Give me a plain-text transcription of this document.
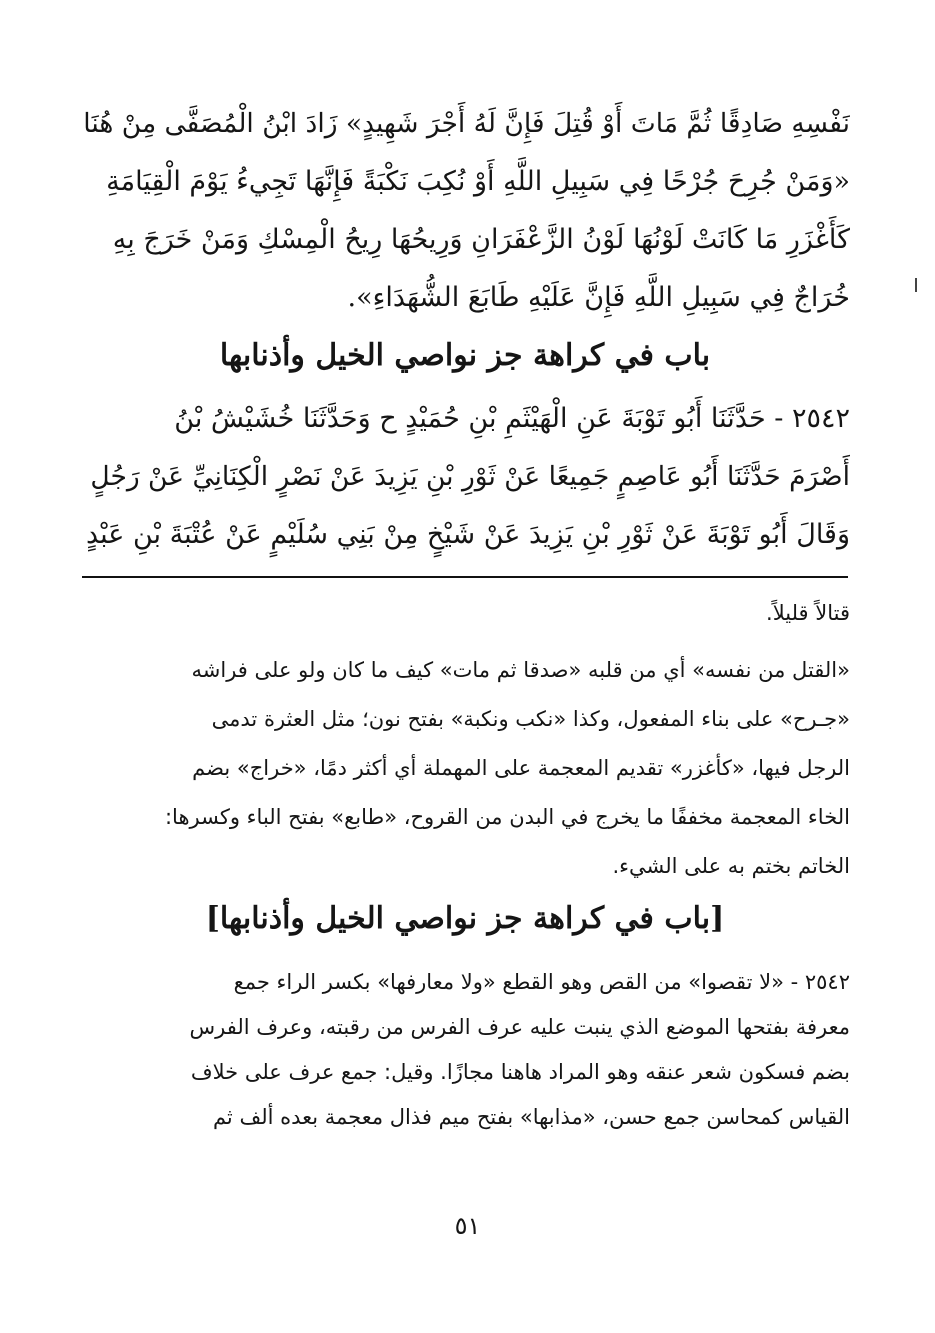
نَفْسِهِ صَادِقًا ثُمَّ مَاتَ أَوْ قُتِلَ فَإِنَّ لَهُ أَجْرَ شَهِيدٍ» زَادَ ابْنُ الْمُصَفَّى مِنْ هُنَا
«وَمَنْ جُرِحَ جُرْحًا فِي سَبِيلِ اللَّهِ أَوْ نُكِبَ نَكْبَةً فَإِنَّهَا تَجِيءُ يَوْمَ الْقِيَامَةِ
كَأَغْزَرِ مَا كَانَتْ لَوْنُهَا لَوْنُ الزَّعْفَرَانِ وَرِيحُهَا رِيحُ الْمِسْكِ وَمَنْ خَرَجَ بِهِ
خُرَاجٌ فِي سَبِيلِ اللَّهِ فَإِنَّ عَلَيْهِ طَابَعَ الشُّهَدَاءِ».
باب في كراهة جز نواصي الخيل وأذنابها
٢٥٤٢ - حَدَّثَنَا أَبُو تَوْبَةَ عَنِ الْهَيْثَمِ بْنِ حُمَيْدٍ ح وَحَدَّثَنَا خُشَيْشُ بْنُ
أَصْرَمَ حَدَّثَنَا أَبُو عَاصِمٍ جَمِيعًا عَنْ ثَوْرِ بْنِ يَزِيدَ عَنْ نَصْرٍ الْكِنَانِيِّ عَنْ رَجُلٍ
وَقَالَ أَبُو تَوْبَةَ عَنْ ثَوْرِ بْنِ يَزِيدَ عَنْ شَيْخٍ مِنْ بَنِي سُلَيْمٍ عَنْ عُتْبَةَ بْنِ عَبْدٍ
قتالاً قليلاً.
«القتل من نفسه» أي من قلبه «صدقا ثم مات» كيف ما كان ولو على فراشه
«جـرح» على بناء المفعول، وكذا «نكب ونكبة» بفتح نون؛ مثل العثرة تدمى
الرجل فيها، «كأغزر» تقديم المعجمة على المهملة أي أكثر دمًا، «خراج» بضم
الخاء المعجمة مخففًا ما يخرج في البدن من القروح، «طابع» بفتح الباء وكسرها:
الخاتم بختم به على الشيء.
[باب في كراهة جز نواصي الخيل وأذنابها]
٢٥٤٢ - «لا تقصوا» من القص وهو القطع «ولا معارفها» بكسر الراء جمع
معرفة بفتحها الموضع الذي ينبت عليه عرف الفرس من رقبته، وعرف الفرس
بضم فسكون شعر عنقه وهو المراد هاهنا مجازًا. وقيل: جمع عرف على خلاف
القياس كمحاسن جمع حسن، «مذابها» بفتح ميم فذال معجمة بعده ألف ثم
٥١
